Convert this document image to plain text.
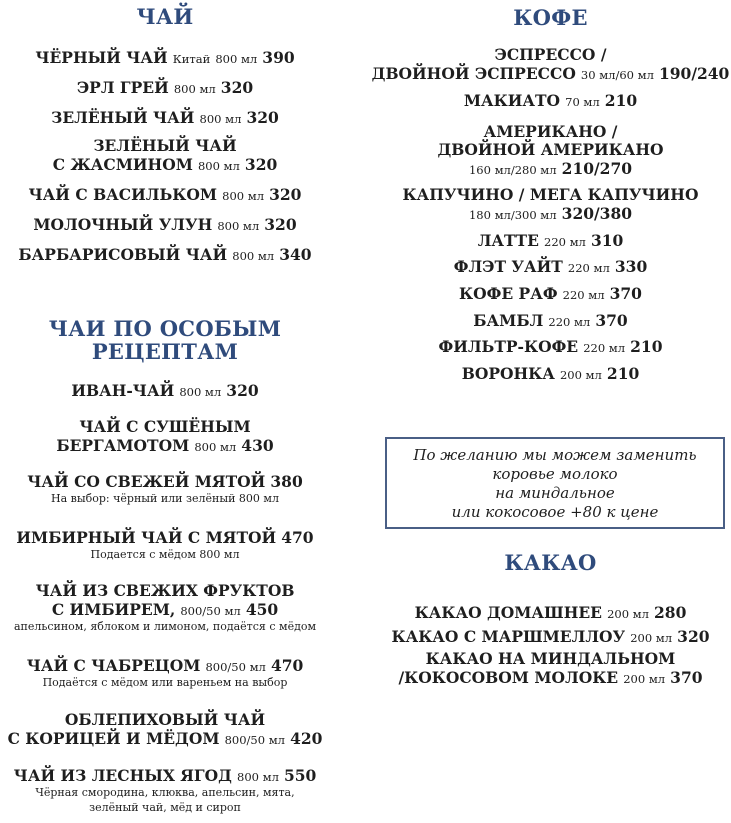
ЧАЙ
ЧЁРНЫЙ ЧАЙ Китай 800 мл 390
ЭРЛ ГРЕЙ 800 мл 320
ЗЕЛЁНЫЙ ЧАЙ 800 мл 320
ЗЕЛЁНЫЙ ЧАЙ
С ЖАСМИНОМ 800 мл 320
ЧАЙ С ВАСИЛЬКОМ 800 мл 320
МОЛОЧНЫЙ УЛУН 800 мл 320
БАРБАРИСОВЫЙ ЧАЙ 800 мл 340
ЧАИ ПО ОСОБЫМ
РЕЦЕПТАМ
ИВАН-ЧАЙ 800 мл 320
ЧАЙ С СУШЁНЫМ
БЕРГАМОТОМ 800 мл 430
ЧАЙ СО СВЕЖЕЙ МЯТОЙ 380
На выбор: чёрный или зелёный 800 мл
ИМБИРНЫЙ ЧАЙ С МЯТОЙ 470
Подается с мёдом 800 мл
ЧАЙ ИЗ СВЕЖИХ ФРУКТОВ
С ИМБИРЕМ, 800/50 мл 450
апельсином, яблоком и лимоном, подаётся с мёдом
ЧАЙ С ЧАБРЕЦОМ 800/50 мл 470
Подаётся с мёдом или вареньем на выбор
ОБЛЕПИХОВЫЙ ЧАЙ
С КОРИЦЕЙ И МЁДОМ 800/50 мл 420
ЧАЙ ИЗ ЛЕСНЫХ ЯГОД 800 мл 550
Чёрная смородина, клюква, апельсин, мята,
зелёный чай, мёд и сироп
КОФЕ
ЭСПРЕССО /
ДВОЙНОЙ ЭСПРЕССО 30 мл/60 мл 190/240
МАКИАТО 70 мл 210
АМЕРИКАНО /
ДВОЙНОЙ АМЕРИКАНО
160 мл/280 мл 210/270
КАПУЧИНО / МЕГА КАПУЧИНО
180 мл/300 мл 320/380
ЛАТТЕ 220 мл 310
ФЛЭТ УАЙТ 220 мл 330
КОФЕ РАФ 220 мл 370
БАМБЛ 220 мл 370
ФИЛЬТР-КОФЕ 220 мл 210
ВОРОНКА 200 мл 210
КАКАО
КАКАО ДОМАШНЕЕ 200 мл 280
КАКАО С МАРШМЕЛЛОУ 200 мл 320
КАКАО НА МИНДАЛЬНОМ
/КОКОСОВОМ МОЛОКЕ 200 мл 370
По желанию мы можем заменить
коровье молоко
на миндальное
или кокосовое +80 к цене
